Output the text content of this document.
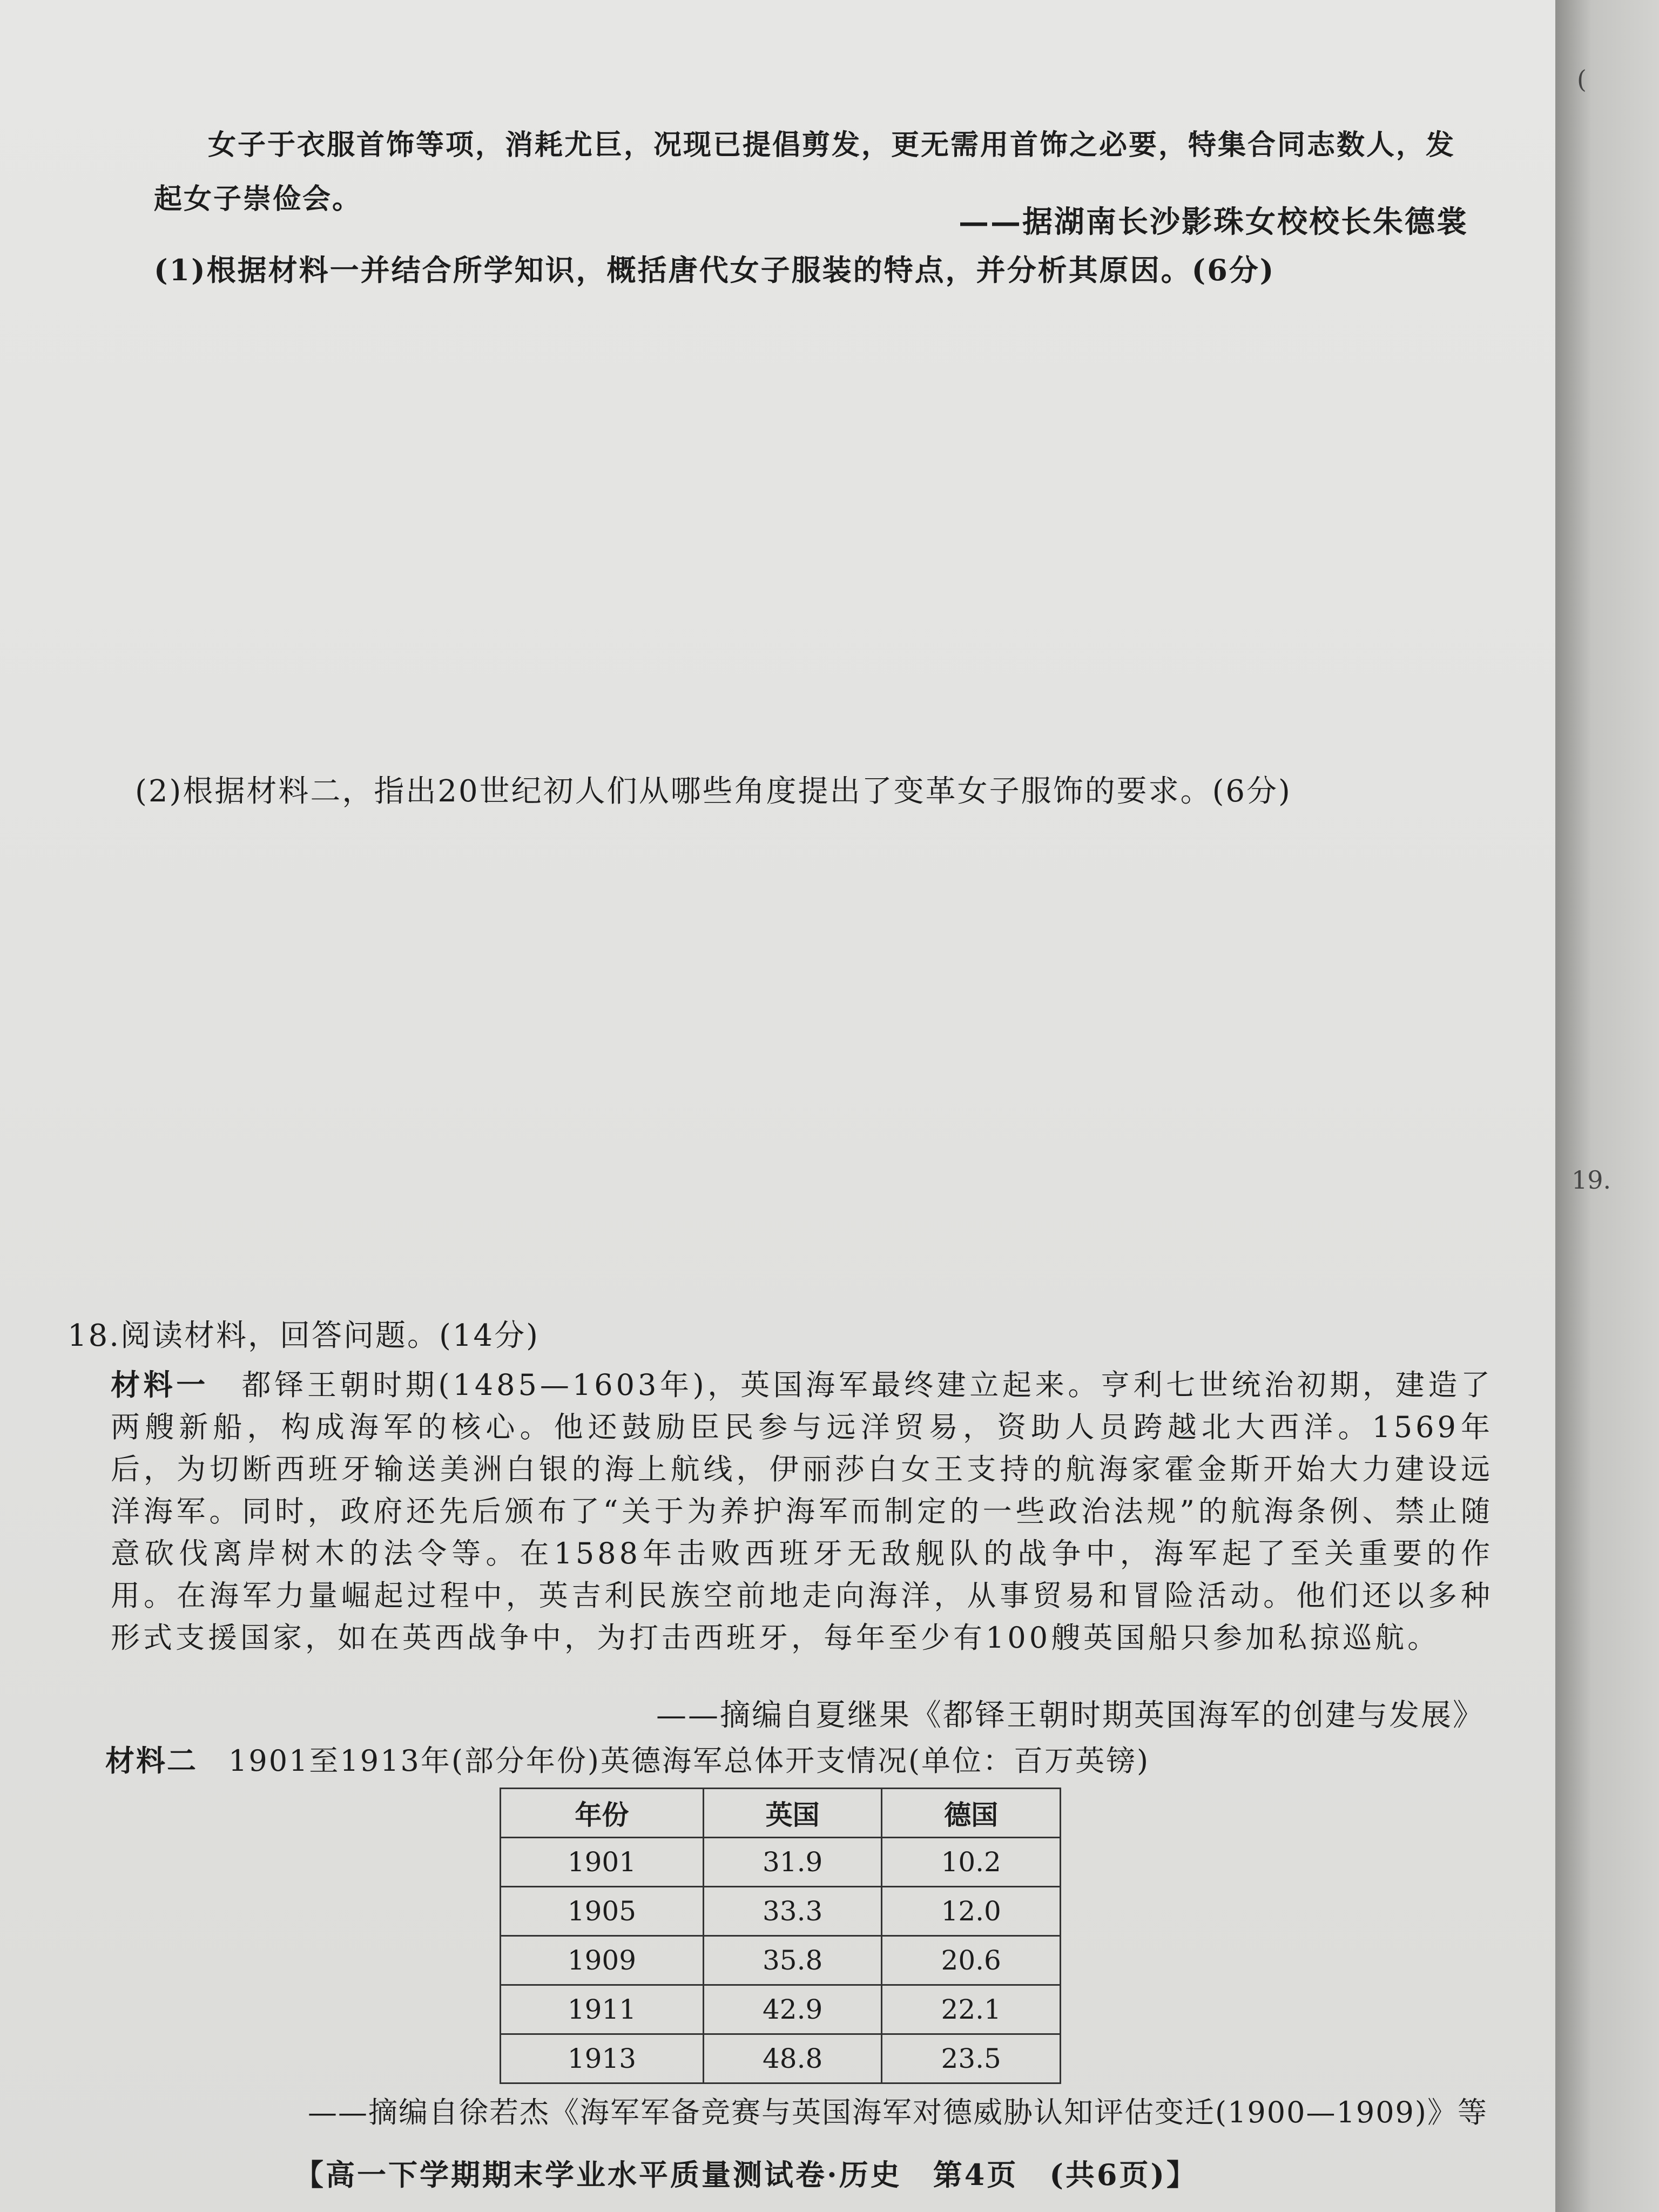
女子于衣服首饰等项，消耗尤巨，况现已提倡剪发，更无需用首饰之必要，特集合同志数人，发
起女子崇俭会。
——据湖南长沙影珠女校校长朱德裳
(1)根据材料一并结合所学知识，概括唐代女子服装的特点，并分析其原因。(6分)
(2)根据材料二，指出20世纪初人们从哪些角度提出了变革女子服饰的要求。(6分)
18.阅读材料，回答问题。(14分)

材料一　 都铎王朝时期(1485—1603年)，英国海军最终建立起来。亨利七世统治初期，建造了两艘新船，构成海军的核心。他还鼓励臣民参与远洋贸易，资助人员跨越北大西洋。1569年后，为切断西班牙输送美洲白银的海上航线，伊丽莎白女王支持的航海家霍金斯开始大力建设远洋海军。同时，政府还先后颁布了“关于为养护海军而制定的一些政治法规”的航海条例、禁止随意砍伐离岸树木的法令等。在1588年击败西班牙无敌舰队的战争中，海军起了至关重要的作用。在海军力量崛起过程中，英吉利民族空前地走向海洋，从事贸易和冒险活动。他们还以多种形式支援国家，如在英西战争中，为打击西班牙，每年至少有100艘英国船只参加私掠巡航。

——摘编自夏继果《都铎王朝时期英国海军的创建与发展》
材料二　 1901至1913年(部分年份)英德海军总体开支情况(单位：百万英镑)
年份	英国	德国
1901	31.9	10.2
1905	33.3	12.0
1909	35.8	20.6
1911	42.9	22.1
1913	48.8	23.5
——摘编自徐若杰《海军军备竞赛与英国海军对德威胁认知评估变迁(1900—1909)》等
【高一下学期期末学业水平质量测试卷·历史　第4页　(共6页)】
(
19.
